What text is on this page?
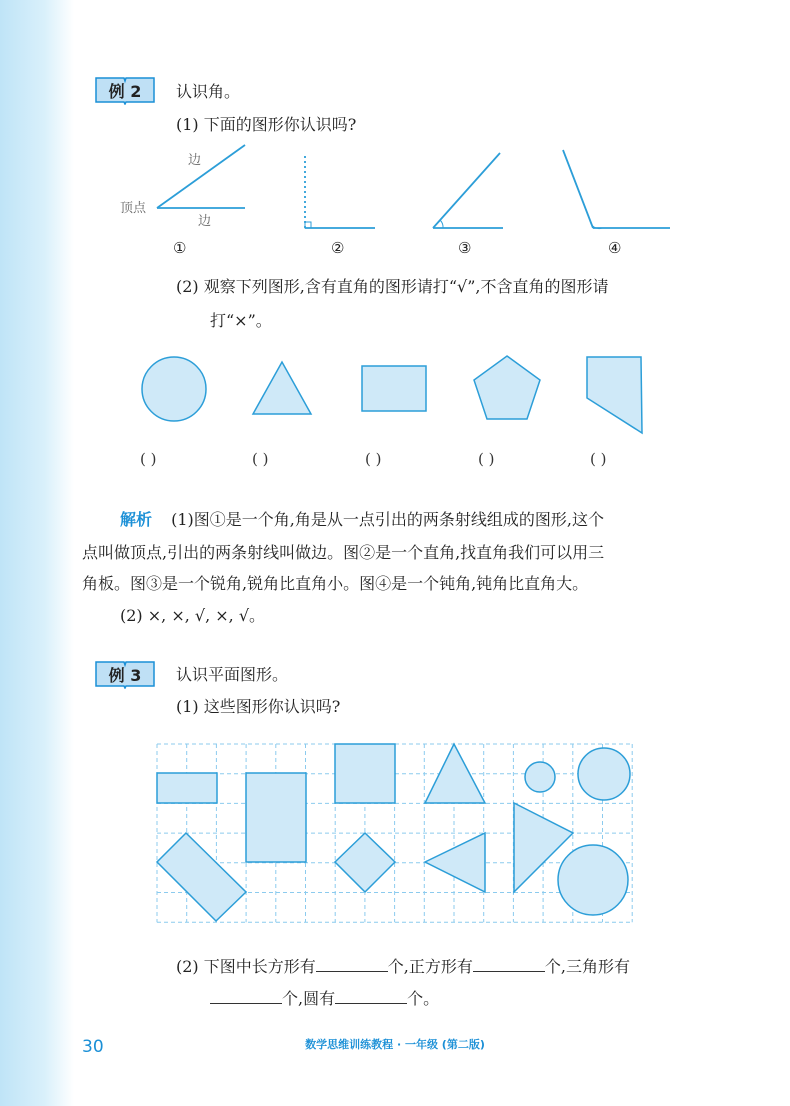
例 2	认识角。
(1) 下面的图形你认识吗?
边
边
顶点
①	②	③	④
(2) 观察下列图形,含有直角的图形请打“√”,不含直角的图形请
打“×”。
( )	( )	( )	( )	( )
解析 (1)图①是一个角,角是从一点引出的两条射线组成的图形,这个
点叫做顶点,引出的两条射线叫做边。图②是一个直角,找直角我们可以用三
角板。图③是一个锐角,锐角比直角小。图④是一个钝角,钝角比直角大。
(2) ×, ×, √, ×, √。
例 3	认识平面图形。
(1) 这些图形你认识吗?
(2) 下图中长方形有	个,正方形有	个,三角形有
个,圆有	个。
30	数学思维训练教程 · 一年级 (第二版)
